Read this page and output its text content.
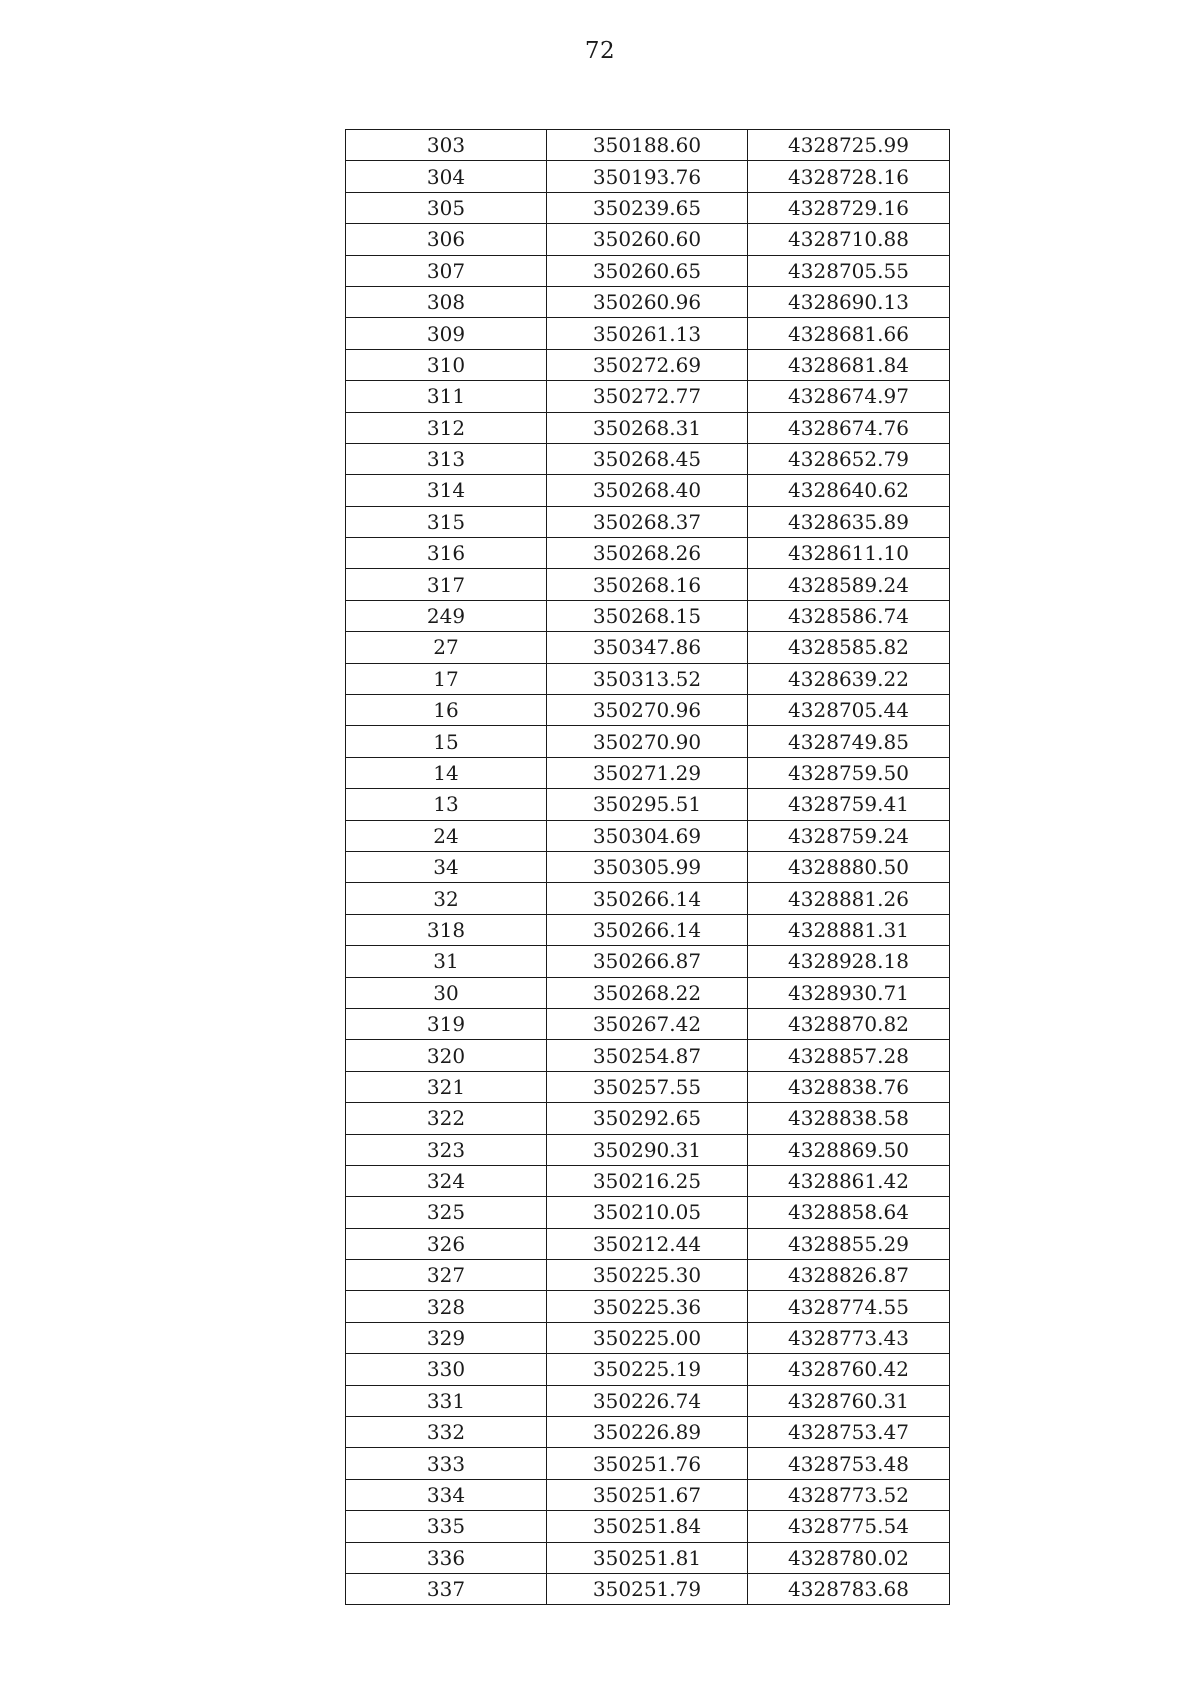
72
303	350188.60	4328725.99
304	350193.76	4328728.16
305	350239.65	4328729.16
306	350260.60	4328710.88
307	350260.65	4328705.55
308	350260.96	4328690.13
309	350261.13	4328681.66
310	350272.69	4328681.84
311	350272.77	4328674.97
312	350268.31	4328674.76
313	350268.45	4328652.79
314	350268.40	4328640.62
315	350268.37	4328635.89
316	350268.26	4328611.10
317	350268.16	4328589.24
249	350268.15	4328586.74
27	350347.86	4328585.82
17	350313.52	4328639.22
16	350270.96	4328705.44
15	350270.90	4328749.85
14	350271.29	4328759.50
13	350295.51	4328759.41
24	350304.69	4328759.24
34	350305.99	4328880.50
32	350266.14	4328881.26
318	350266.14	4328881.31
31	350266.87	4328928.18
30	350268.22	4328930.71
319	350267.42	4328870.82
320	350254.87	4328857.28
321	350257.55	4328838.76
322	350292.65	4328838.58
323	350290.31	4328869.50
324	350216.25	4328861.42
325	350210.05	4328858.64
326	350212.44	4328855.29
327	350225.30	4328826.87
328	350225.36	4328774.55
329	350225.00	4328773.43
330	350225.19	4328760.42
331	350226.74	4328760.31
332	350226.89	4328753.47
333	350251.76	4328753.48
334	350251.67	4328773.52
335	350251.84	4328775.54
336	350251.81	4328780.02
337	350251.79	4328783.68
